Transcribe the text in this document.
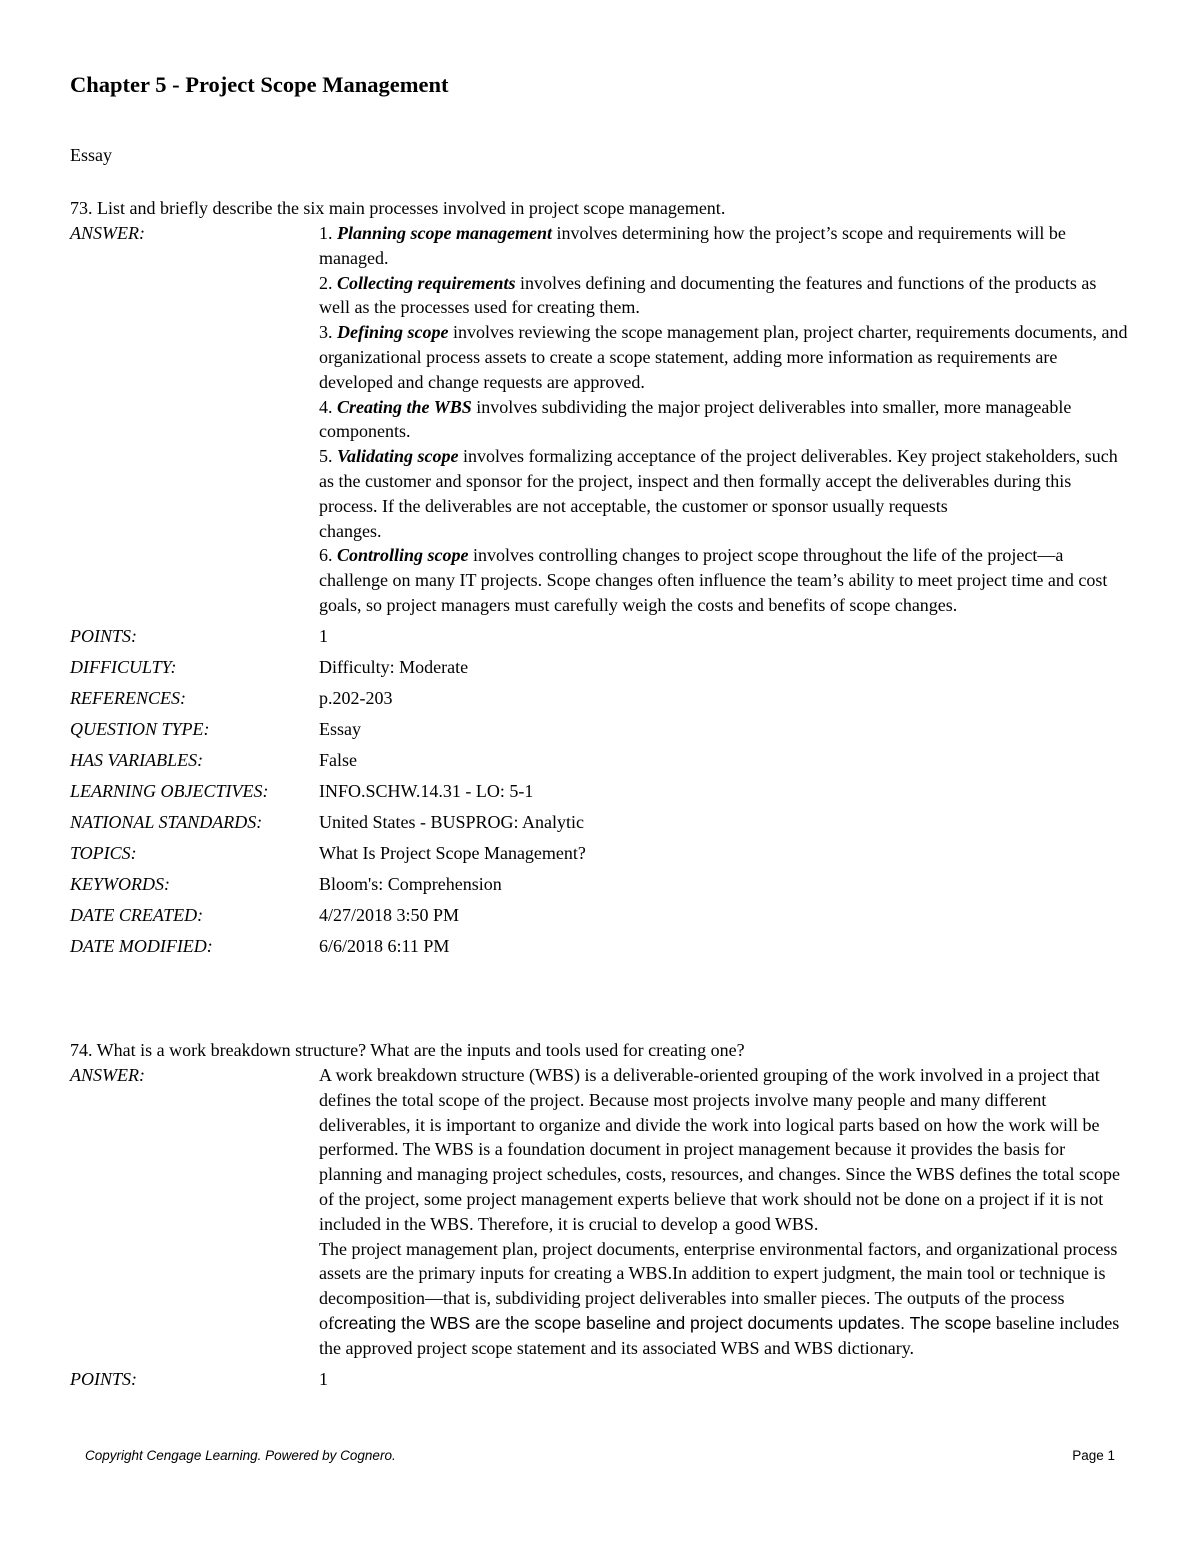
Chapter 5 - Project Scope Management
Essay
73. List and briefly describe the six main processes involved in project scope management.
ANSWER:	1. Planning scope management involves determining how the project’s scope and requirements will be managed.
2. Collecting requirements involves defining and documenting the features and functions of the products as well as the processes used for creating them.
3. Defining scope involves reviewing the scope management plan, project charter, requirements documents, and organizational process assets to create a scope statement, adding more information as requirements are developed and change requests are approved.
4. Creating the WBS involves subdividing the major project deliverables into smaller, more manageable components.
5. Validating scope involves formalizing acceptance of the project deliverables. Key project stakeholders, such as the customer and sponsor for the project, inspect and then formally accept the deliverables during this process. If the deliverables are not acceptable, the customer or sponsor usually requests
changes.
6. Controlling scope involves controlling changes to project scope throughout the life of the project—a challenge on many IT projects. Scope changes often influence the team’s ability to meet project time and cost goals, so project managers must carefully weigh the costs and benefits of scope changes.
POINTS:	1
DIFFICULTY:	Difficulty: Moderate
REFERENCES:	p.202-203
QUESTION TYPE:	Essay
HAS VARIABLES:	False
LEARNING OBJECTIVES:	INFO.SCHW.14.31 - LO: 5-1
NATIONAL STANDARDS:	United States - BUSPROG: Analytic
TOPICS:	What Is Project Scope Management?
KEYWORDS:	Bloom's: Comprehension
DATE CREATED:	4/27/2018 3:50 PM
DATE MODIFIED:	6/6/2018 6:11 PM
74. What is a work breakdown structure? What are the inputs and tools used for creating one?
ANSWER:	A work breakdown structure (WBS) is a deliverable-oriented grouping of the work involved in a project that defines the total scope of the project. Because most projects involve many people and many different deliverables, it is important to organize and divide the work into logical parts based on how the work will be performed. The WBS is a foundation document in project management because it provides the basis for planning and managing project schedules, costs, resources, and changes. Since the WBS defines the total scope of the project, some project management experts believe that work should not be done on a project if it is not included in the WBS. Therefore, it is crucial to develop a good WBS.
The project management plan, project documents, enterprise environmental factors, and organizational process assets are the primary inputs for creating a WBS.In addition to expert judgment, the main tool or technique is decomposition—that is, subdividing project deliverables into smaller pieces. The outputs of the process ofcreating the WBS are the scope baseline and project documents updates. The scope baseline includes the approved project scope statement and its associated WBS and WBS dictionary.
POINTS:	1
Copyright Cengage Learning. Powered by Cognero.	Page 1
